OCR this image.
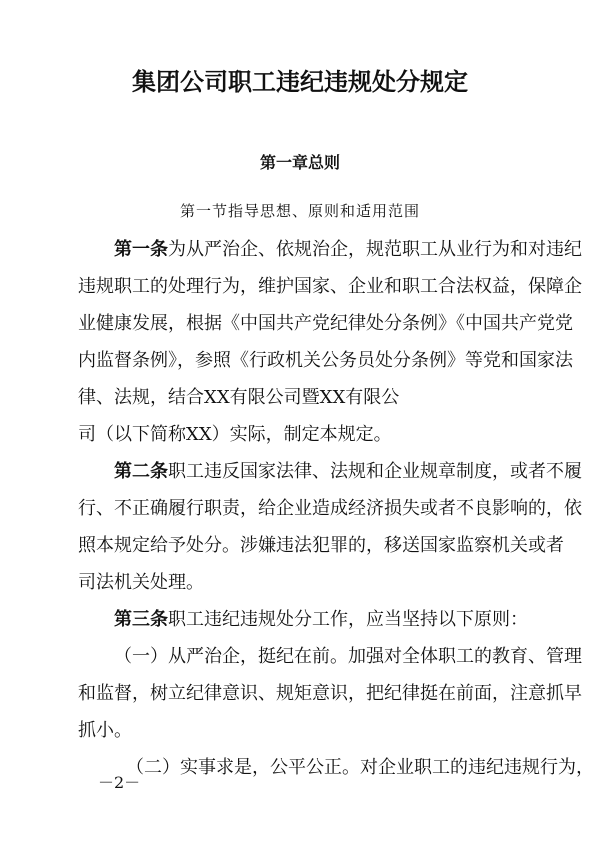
集团公司职工违纪违规处分规定
第一章总则
第一节指导思想、原则和适用范围
第一条为从严治企、依规治企，规范职工从业行为和对违纪
违规职工的处理行为，维护国家、企业和职工合法权益，保障企
业健康发展，根据《中国共产党纪律处分条例》《中国共产党党
内监督条例》，参照《行政机关公务员处分条例》等党和国家法
律、法规，结合XX有限公司暨XX有限公
司（以下简称XX）实际，制定本规定。
第二条职工违反国家法律、法规和企业规章制度，或者不履
行、不正确履行职责，给企业造成经济损失或者不良影响的，依
照本规定给予处分。涉嫌违法犯罪的，移送国家监察机关或者
司法机关处理。
第三条职工违纪违规处分工作，应当坚持以下原则：
（一）从严治企，挺纪在前。加强对全体职工的教育、管理
和监督，树立纪律意识、规矩意识，把纪律挺在前面，注意抓早
抓小。
（二）实事求是，公平公正。对企业职工的违纪违规行为，
－2－
